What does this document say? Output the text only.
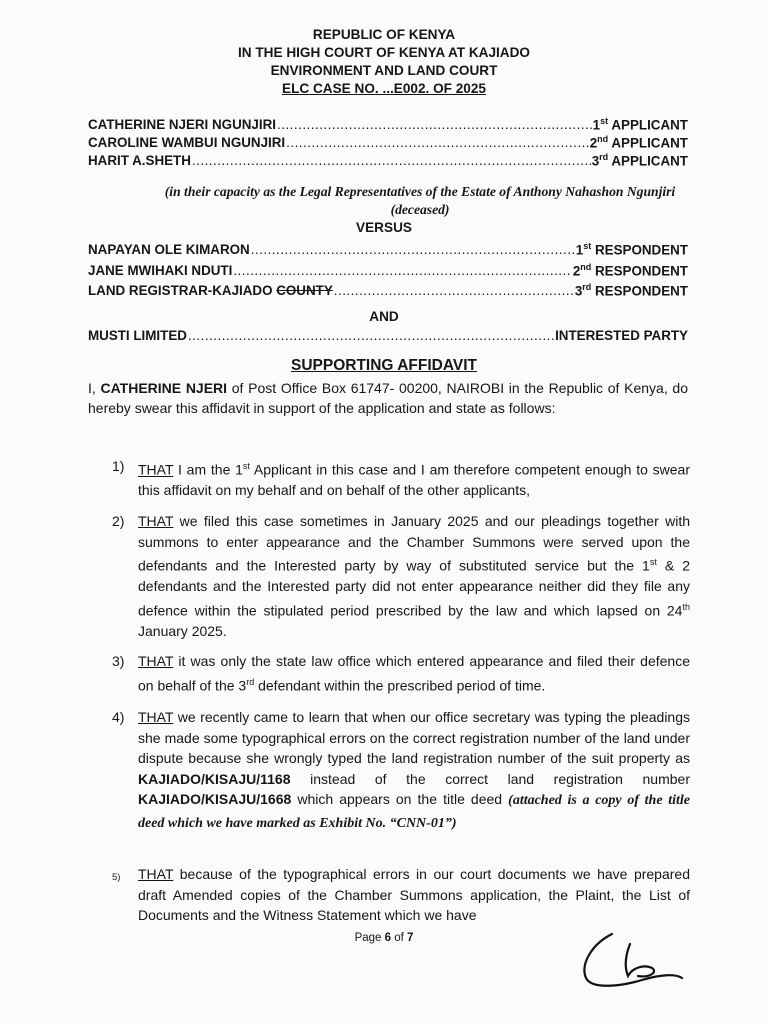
REPUBLIC OF KENYA
IN THE HIGH COURT OF KENYA AT KAJIADO
ENVIRONMENT AND LAND COURT
ELC CASE NO. ...E002. OF 2025
CATHERINE NJERI NGUNJIRI .....	1st APPLICANT
CAROLINE WAMBUI NGUNJIRI .....	2nd APPLICANT
HARIT A.SHETH .....	3rd APPLICANT
(in their capacity as the Legal Representatives of the Estate of Anthony Nahashon Ngunjiri (deceased)
VERSUS
NAPAYAN OLE KIMARON .....	1st RESPONDENT
JANE MWIHAKI NDUTI .....	2nd RESPONDENT
LAND REGISTRAR-KAJIADO COUNTY .....	3rd RESPONDENT
AND
MUSTI LIMITED .....	INTERESTED PARTY
SUPPORTING AFFIDAVIT
I, CATHERINE NJERI of Post Office Box 61747- 00200, NAIROBI in the Republic of Kenya, do hereby swear this affidavit in support of the application and state as follows:
1) THAT I am the 1st Applicant in this case and I am therefore competent enough to swear this affidavit on my behalf and on behalf of the other applicants,
2) THAT we filed this case sometimes in January 2025 and our pleadings together with summons to enter appearance and the Chamber Summons were served upon the defendants and the Interested party by way of substituted service but the 1st & 2 defendants and the Interested party did not enter appearance neither did they file any defence within the stipulated period prescribed by the law and which lapsed on 24th January 2025.
3) THAT it was only the state law office which entered appearance and filed their defence on behalf of the 3rd defendant within the prescribed period of time.
4) THAT we recently came to learn that when our office secretary was typing the pleadings she made some typographical errors on the correct registration number of the land under dispute because she wrongly typed the land registration number of the suit property as KAJIADO/KISAJU/1168 instead of the correct land registration number KAJIADO/KISAJU/1668 which appears on the title deed (attached is a copy of the title deed which we have marked as Exhibit No. “CNN-01”)
5) THAT because of the typographical errors in our court documents we have prepared draft Amended copies of the Chamber Summons application, the Plaint, the List of Documents and the Witness Statement which we have
Page 6 of 7
